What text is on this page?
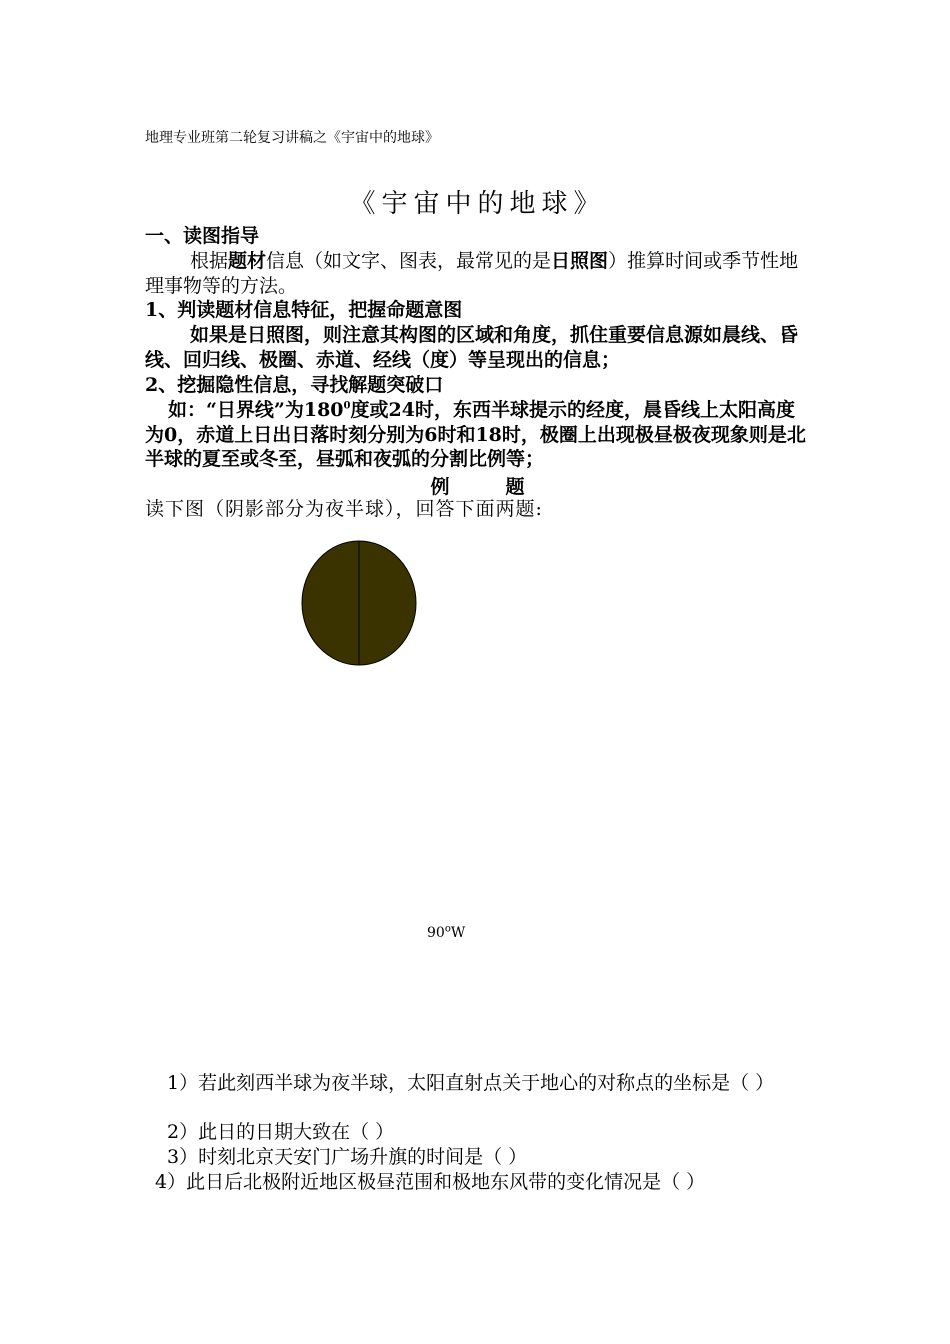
地理专业班第二轮复习讲稿之《宇宙中的地球》
《宇宙中的地球》
一、读图指导
根据题材信息（如文字、图表，最常见的是日照图）推算时间或季节性地理事物等的方法。
1、判读题材信息特征，把握命题意图
如果是日照图，则注意其构图的区域和角度，抓住重要信息源如晨线、昏线、回归线、极圈、赤道、经线（度）等呈现出的信息；
2、挖掘隐性信息，寻找解题突破口
如：“日界线”为$180^0$度或24时，东西半球提示的经度，晨昏线上太阳高度为0，赤道上日出日落时刻分别为6时和18时，极圈上出现极昼极夜现象则是北半球的夏至或冬至，昼弧和夜弧的分割比例等；
例题
读下图（阴影部分为夜半球），回答下面两题:
1）若此刻西半球为夜半球，太阳直射点关于地心的对称点的坐标是（ ）
2）此日的日期大致在（ ）
3）时刻北京天安门广场升旗的时间是（ ）
4）此日后北极附近地区极昼范围和极地东风带的变化情况是（ ）
90$^o$W
